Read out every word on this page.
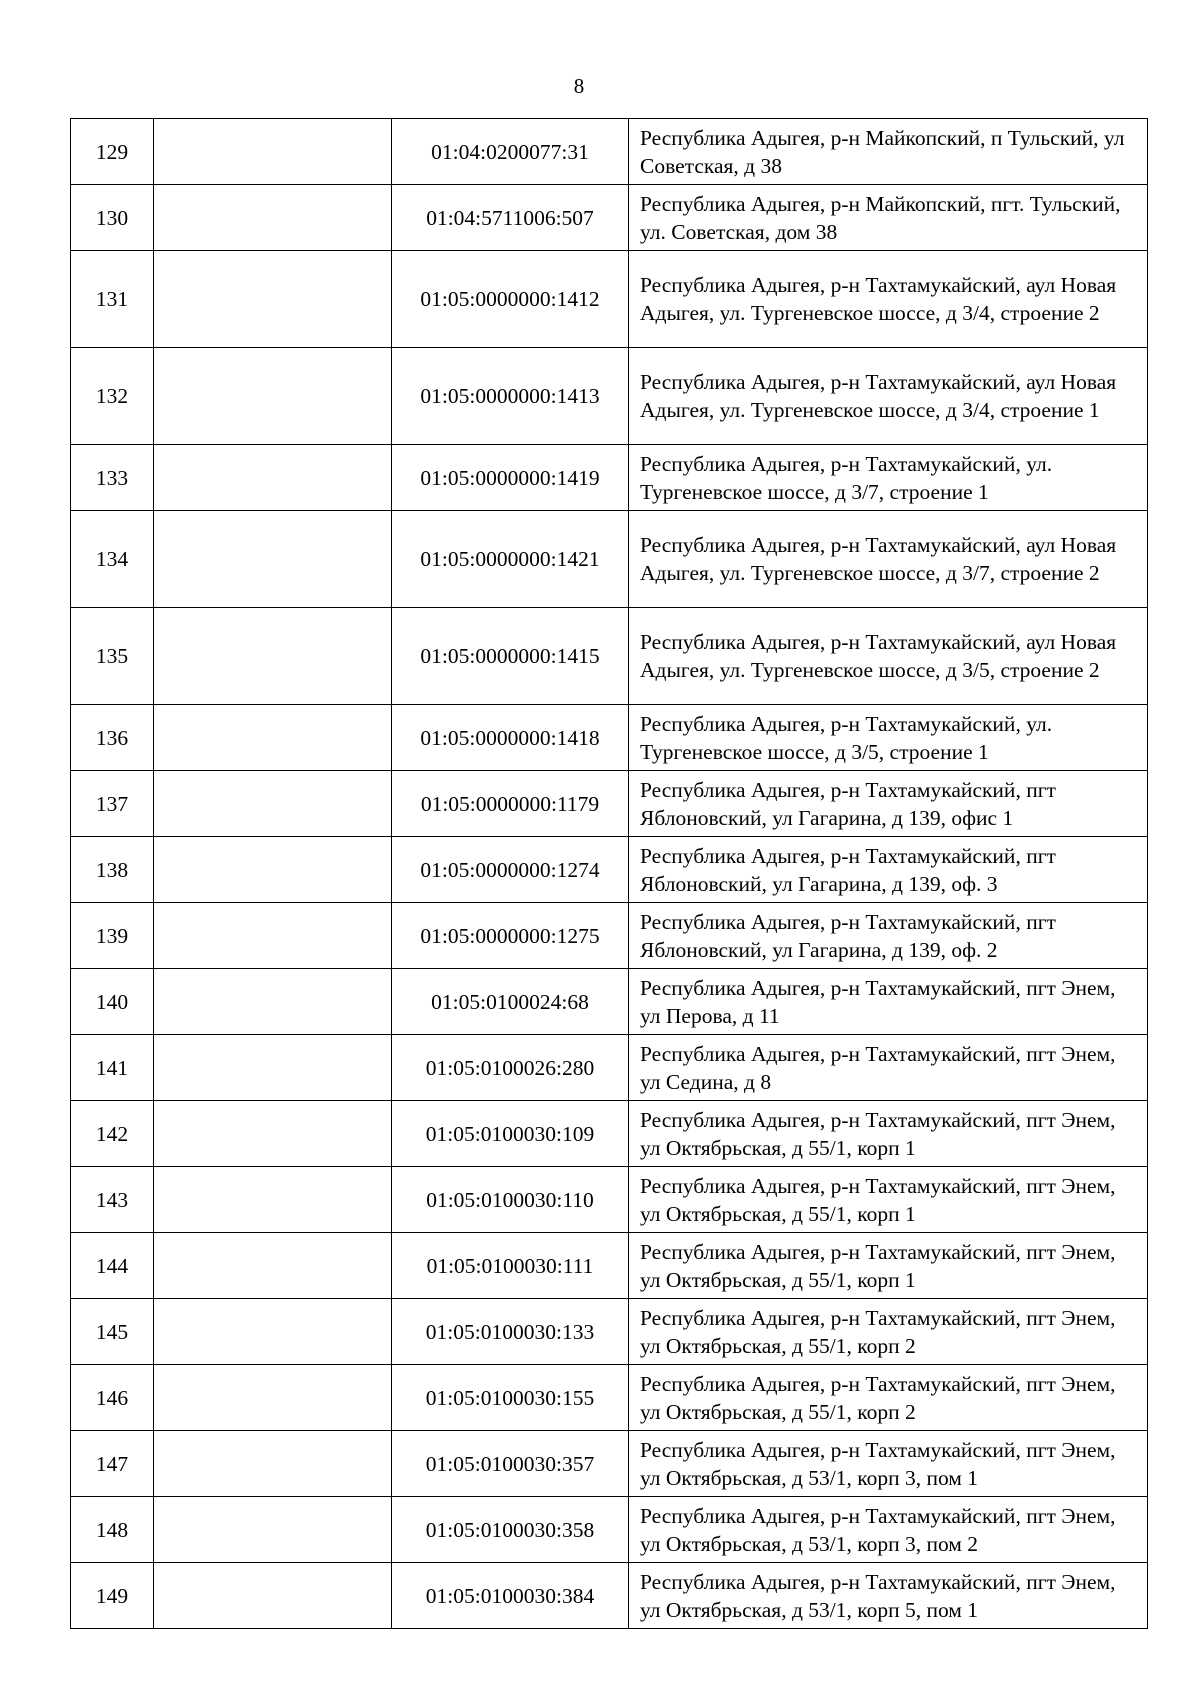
8
129		01:04:0200077:31	Республика Адыгея, р-н Майкопский, п Тульский, ул Советская, д 38
130		01:04:5711006:507	Республика Адыгея, р-н Майкопский, пгт. Тульский, ул. Советская, дом 38
131		01:05:0000000:1412	Республика Адыгея, р-н Тахтамукайский, аул Новая Адыгея, ул. Тургеневское шоссе, д 3/4, строение 2
132		01:05:0000000:1413	Республика Адыгея, р-н Тахтамукайский, аул Новая Адыгея, ул. Тургеневское шоссе, д 3/4, строение 1
133		01:05:0000000:1419	Республика Адыгея, р-н Тахтамукайский, ул. Тургеневское шоссе, д 3/7, строение 1
134		01:05:0000000:1421	Республика Адыгея, р-н Тахтамукайский, аул Новая Адыгея, ул. Тургеневское шоссе, д 3/7, строение 2
135		01:05:0000000:1415	Республика Адыгея, р-н Тахтамукайский, аул Новая Адыгея, ул. Тургеневское шоссе, д 3/5, строение 2
136		01:05:0000000:1418	Республика Адыгея, р-н Тахтамукайский, ул. Тургеневское шоссе, д 3/5, строение 1
137		01:05:0000000:1179	Республика Адыгея, р-н Тахтамукайский, пгт Яблоновский, ул Гагарина, д 139, офис 1
138		01:05:0000000:1274	Республика Адыгея, р-н Тахтамукайский, пгт Яблоновский, ул Гагарина, д 139, оф. 3
139		01:05:0000000:1275	Республика Адыгея, р-н Тахтамукайский, пгт Яблоновский, ул Гагарина, д 139, оф. 2
140		01:05:0100024:68	Республика Адыгея, р-н Тахтамукайский, пгт Энем, ул Перова, д 11
141		01:05:0100026:280	Республика Адыгея, р-н Тахтамукайский, пгт Энем, ул Седина, д 8
142		01:05:0100030:109	Республика Адыгея, р-н Тахтамукайский, пгт Энем, ул Октябрьская, д 55/1, корп 1
143		01:05:0100030:110	Республика Адыгея, р-н Тахтамукайский, пгт Энем, ул Октябрьская, д 55/1, корп 1
144		01:05:0100030:111	Республика Адыгея, р-н Тахтамукайский, пгт Энем, ул Октябрьская, д 55/1, корп 1
145		01:05:0100030:133	Республика Адыгея, р-н Тахтамукайский, пгт Энем, ул Октябрьская, д 55/1, корп 2
146		01:05:0100030:155	Республика Адыгея, р-н Тахтамукайский, пгт Энем, ул Октябрьская, д 55/1, корп 2
147		01:05:0100030:357	Республика Адыгея, р-н Тахтамукайский, пгт Энем, ул Октябрьская, д 53/1, корп 3, пом 1
148		01:05:0100030:358	Республика Адыгея, р-н Тахтамукайский, пгт Энем, ул Октябрьская, д 53/1, корп 3, пом 2
149		01:05:0100030:384	Республика Адыгея, р-н Тахтамукайский, пгт Энем, ул Октябрьская, д 53/1, корп 5, пом 1
